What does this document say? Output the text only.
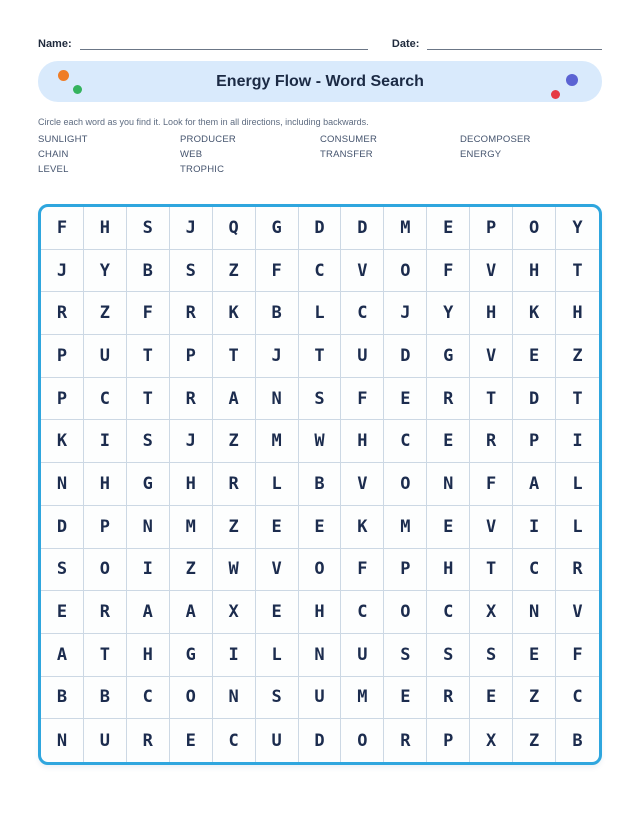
Name:	Date:
Energy Flow - Word Search
Circle each word as you find it. Look for them in all directions, including backwards.
SUNLIGHT
CHAIN
LEVEL
PRODUCER
WEB
TROPHIC
CONSUMER
TRANSFER
DECOMPOSER
ENERGY
F	H	S	J	Q	G	D	D	M	E	P	O	Y
J	Y	B	S	Z	F	C	V	O	F	V	H	T
R	Z	F	R	K	B	L	C	J	Y	H	K	H
P	U	T	P	T	J	T	U	D	G	V	E	Z
P	C	T	R	A	N	S	F	E	R	T	D	T
K	I	S	J	Z	M	W	H	C	E	R	P	I
N	H	G	H	R	L	B	V	O	N	F	A	L
D	P	N	M	Z	E	E	K	M	E	V	I	L
S	O	I	Z	W	V	O	F	P	H	T	C	R
E	R	A	A	X	E	H	C	O	C	X	N	V
A	T	H	G	I	L	N	U	S	S	S	E	F
B	B	C	O	N	S	U	M	E	R	E	Z	C
N	U	R	E	C	U	D	O	R	P	X	Z	B
